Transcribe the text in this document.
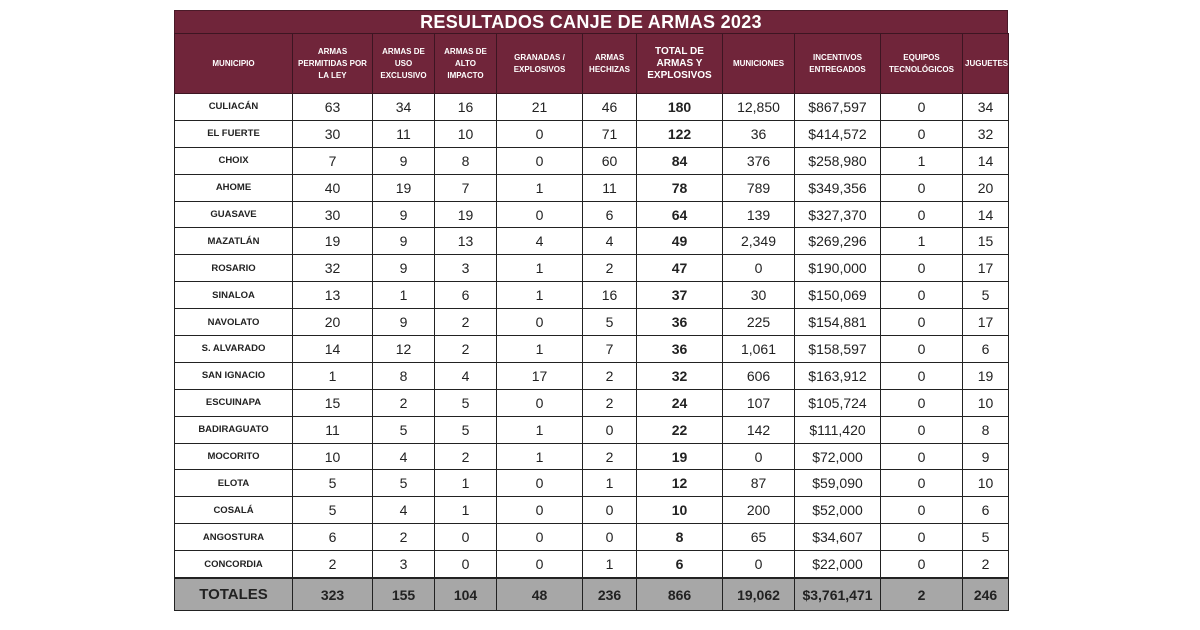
RESULTADOS CANJE DE ARMAS 2023
MUNICIPIO	ARMAS PERMITIDAS POR LA LEY	ARMAS DE USO EXCLUSIVO	ARMAS DE ALTO IMPACTO	GRANADAS / EXPLOSIVOS	ARMAS HECHIZAS	TOTAL DE ARMAS Y EXPLOSIVOS	MUNICIONES	INCENTIVOS ENTREGADOS	EQUIPOS TECNOLÓGICOS	JUGUETES
CULIACÁN	63	34	16	21	46	180	12,850	$867,597	0	34
EL FUERTE	30	11	10	0	71	122	36	$414,572	0	32
CHOIX	7	9	8	0	60	84	376	$258,980	1	14
AHOME	40	19	7	1	11	78	789	$349,356	0	20
GUASAVE	30	9	19	0	6	64	139	$327,370	0	14
MAZATLÁN	19	9	13	4	4	49	2,349	$269,296	1	15
ROSARIO	32	9	3	1	2	47	0	$190,000	0	17
SINALOA	13	1	6	1	16	37	30	$150,069	0	5
NAVOLATO	20	9	2	0	5	36	225	$154,881	0	17
S. ALVARADO	14	12	2	1	7	36	1,061	$158,597	0	6
SAN IGNACIO	1	8	4	17	2	32	606	$163,912	0	19
ESCUINAPA	15	2	5	0	2	24	107	$105,724	0	10
BADIRAGUATO	11	5	5	1	0	22	142	$111,420	0	8
MOCORITO	10	4	2	1	2	19	0	$72,000	0	9
ELOTA	5	5	1	0	1	12	87	$59,090	0	10
COSALÁ	5	4	1	0	0	10	200	$52,000	0	6
ANGOSTURA	6	2	0	0	0	8	65	$34,607	0	5
CONCORDIA	2	3	0	0	1	6	0	$22,000	0	2
TOTALES	323	155	104	48	236	866	19,062	$3,761,471	2	246
